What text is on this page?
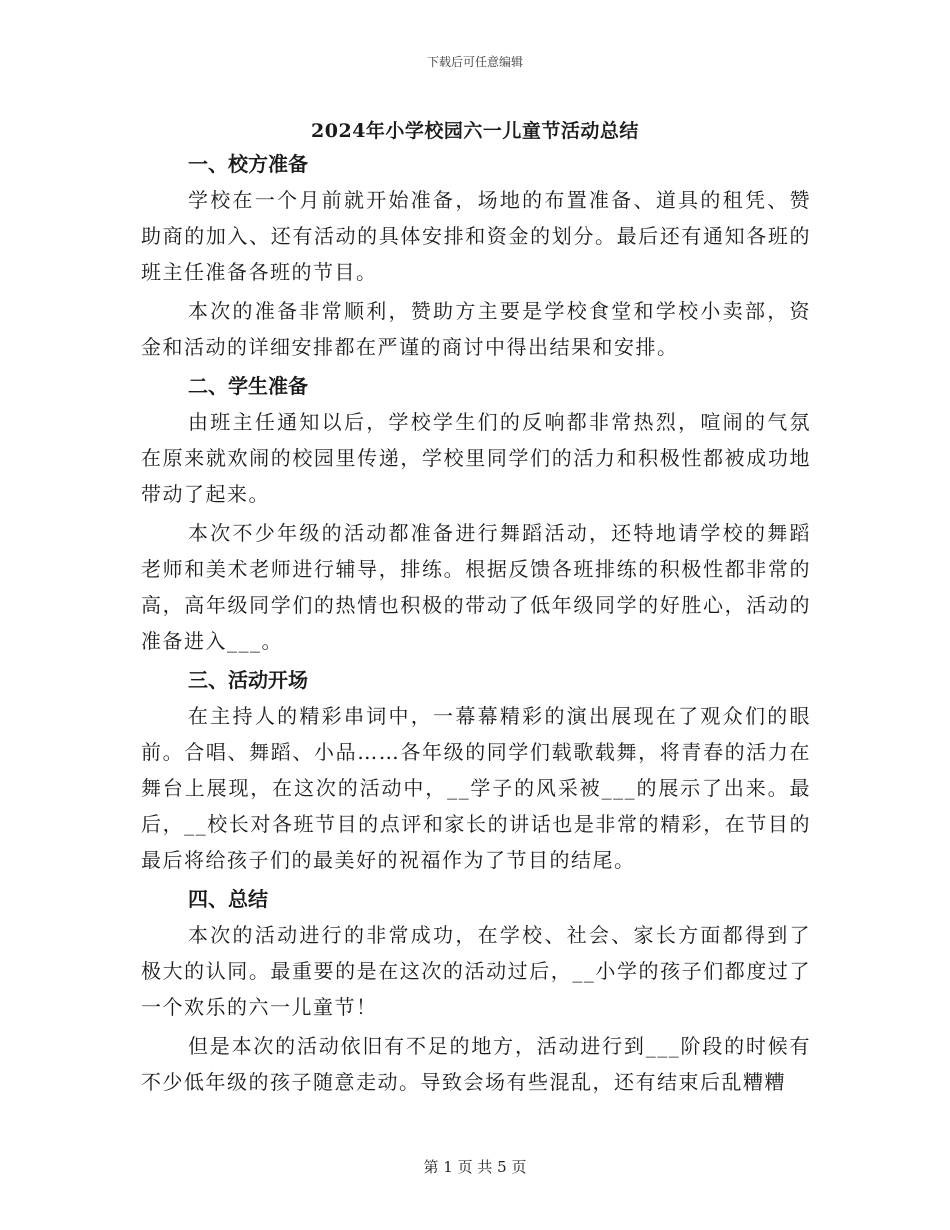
下载后可任意编辑
2024年小学校园六一儿童节活动总结
一、校方准备

学校在一个月前就开始准备，场地的布置准备、道具的租凭、赞助商的加入、还有活动的具体安排和资金的划分。最后还有通知各班的班主任准备各班的节目。

本次的准备非常顺利，赞助方主要是学校食堂和学校小卖部，资金和活动的详细安排都在严谨的商讨中得出结果和安排。

二、学生准备

由班主任通知以后，学校学生们的反响都非常热烈，喧闹的气氛在原来就欢闹的校园里传递，学校里同学们的活力和积极性都被成功地带动了起来。

本次不少年级的活动都准备进行舞蹈活动，还特地请学校的舞蹈老师和美术老师进行辅导，排练。根据反馈各班排练的积极性都非常的高，高年级同学们的热情也积极的带动了低年级同学的好胜心，活动的准备进入___。

三、活动开场

在主持人的精彩串词中，一幕幕精彩的演出展现在了观众们的眼前。合唱、舞蹈、小品……各年级的同学们载歌载舞，将青春的活力在舞台上展现，在这次的活动中，__学子的风采被___的展示了出来。最后，__校长对各班节目的点评和家长的讲话也是非常的精彩，在节目的最后将给孩子们的最美好的祝福作为了节目的结尾。

四、总结

本次的活动进行的非常成功，在学校、社会、家长方面都得到了极大的认同。最重要的是在这次的活动过后，__小学的孩子们都度过了一个欢乐的六一儿童节！

但是本次的活动依旧有不足的地方，活动进行到___阶段的时候有不少低年级的孩子随意走动。导致会场有些混乱，还有结束后乱糟糟

第 1 页 共 5 页
